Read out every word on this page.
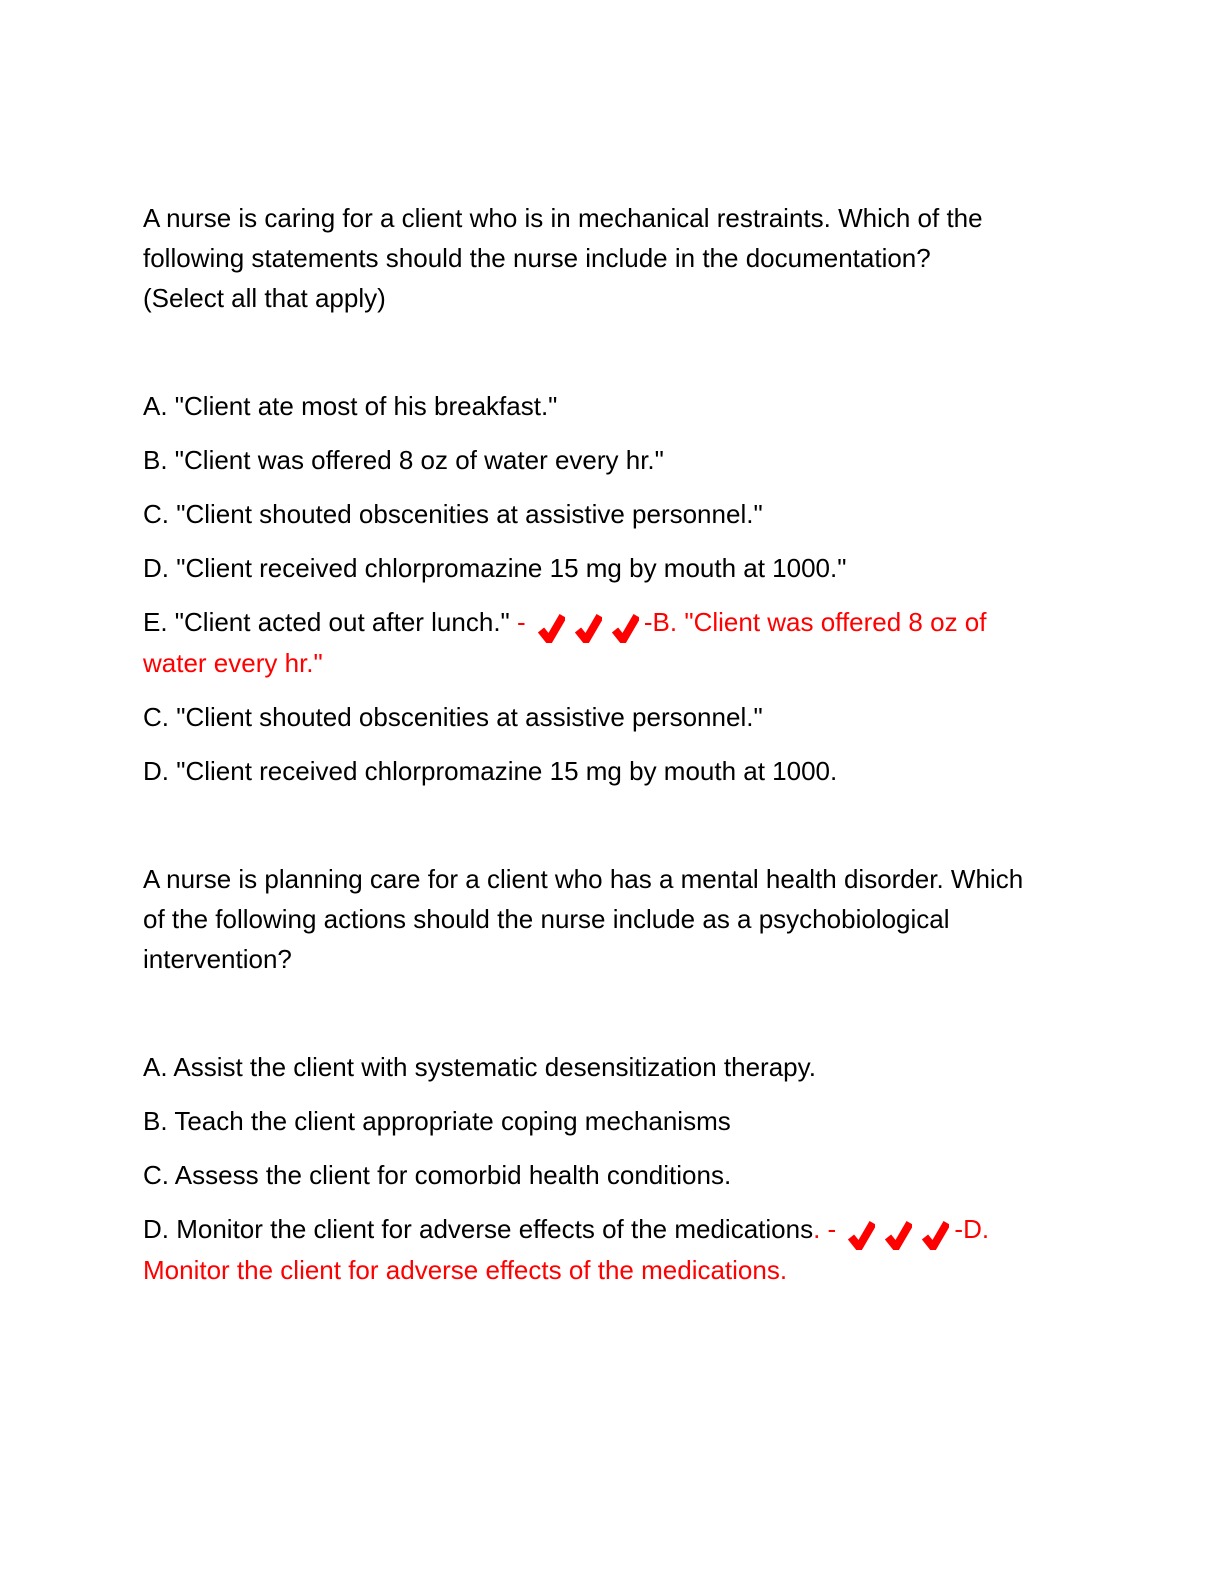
A nurse is caring for a client who is in mechanical restraints. Which of the
following statements should the nurse include in the documentation?
(Select all that apply)
A. "Client ate most of his breakfast."
B. "Client was offered 8 oz of water every hr."
C. "Client shouted obscenities at assistive personnel."
D. "Client received chlorpromazine 15 mg by mouth at 1000."
E. "Client acted out after lunch." -	-B. "Client was offered 8 oz of
water every hr."
C. "Client shouted obscenities at assistive personnel."
D. "Client received chlorpromazine 15 mg by mouth at 1000.
A nurse is planning care for a client who has a mental health disorder. Which
of the following actions should the nurse include as a psychobiological
intervention?
A. Assist the client with systematic desensitization therapy.
B. Teach the client appropriate coping mechanisms
C. Assess the client for comorbid health conditions.
D. Monitor the client for adverse effects of the medications. -	-D.
Monitor the client for adverse effects of the medications.
